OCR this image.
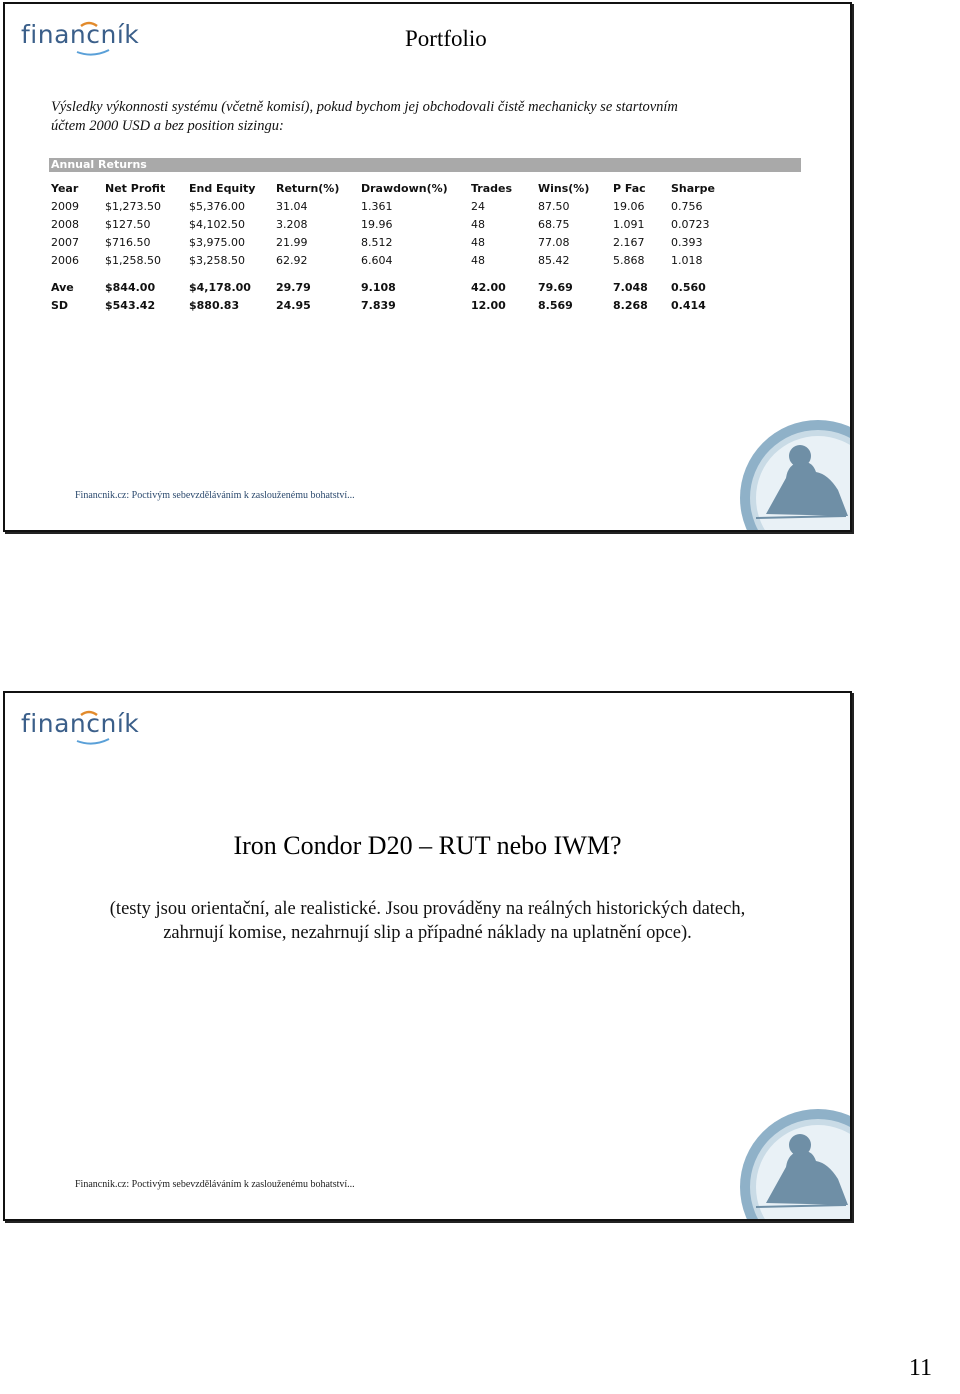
financník	Portfolio
Výsledky výkonnosti systému (včetně komisí), pokud bychom jej obchodovali čistě mechanicky se startovním
účtem 2000 USD a bez position sizingu:
Annual Returns
Year	Net Profit	End Equity	Return(%)	Drawdown(%)	Trades	Wins(%)	P Fac	Sharpe
2009	$1,273.50	$5,376.00	31.04	1.361	24	87.50	19.06	0.756
2008	$127.50	$4,102.50	3.208	19.96	48	68.75	1.091	0.0723
2007	$716.50	$3,975.00	21.99	8.512	48	77.08	2.167	0.393
2006	$1,258.50	$3,258.50	62.92	6.604	48	85.42	5.868	1.018

Ave	$844.00	$4,178.00	29.79	9.108	42.00	79.69	7.048	0.560
SD	$543.42	$880.83	24.95	7.839	12.00	8.569	8.268	0.414
Financnik.cz: Poctivým sebevzděláváním k zaslouženému bohatství...
financník
Iron Condor D20 – RUT nebo IWM?
(testy jsou orientační, ale realistické. Jsou prováděny na reálných historických datech,
zahrnují komise, nezahrnují slip a případné náklady na uplatnění opce).
Financnik.cz: Poctivým sebevzděláváním k zaslouženému bohatství...
11
